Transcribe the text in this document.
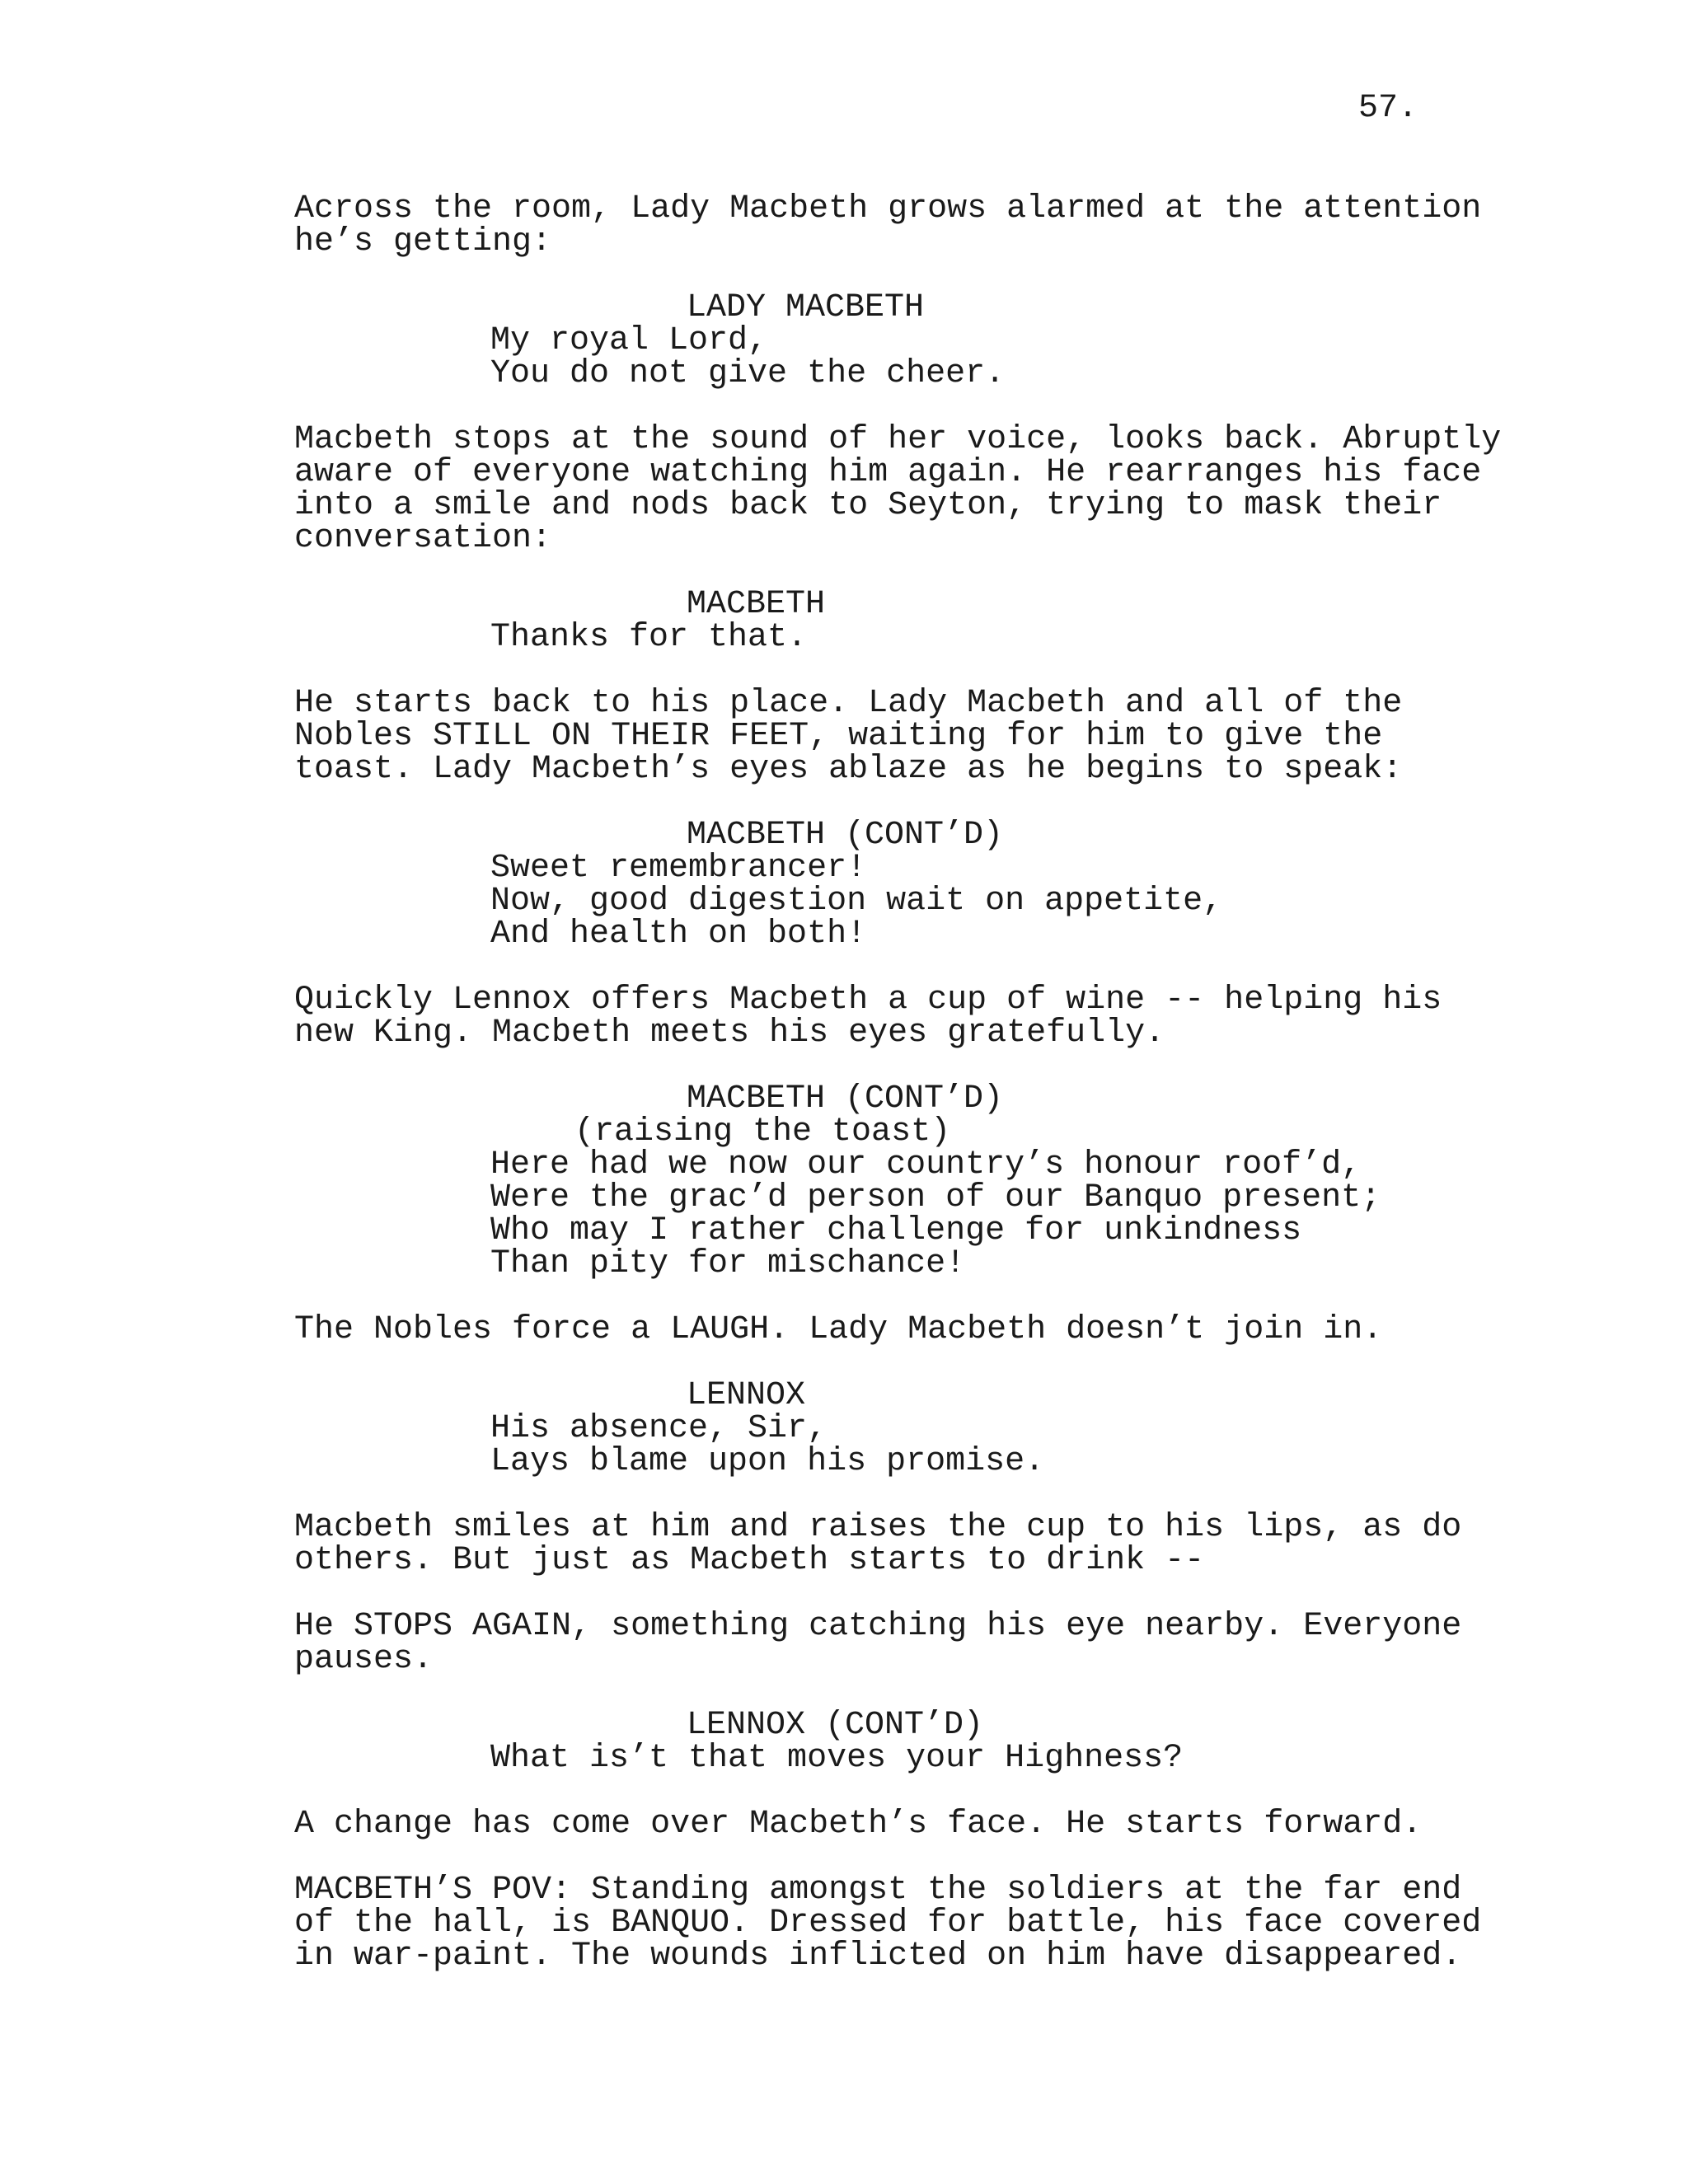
57.
Across the room, Lady Macbeth grows alarmed at the attention
he’s getting:
LADY MACBETH
My royal Lord,
You do not give the cheer.
Macbeth stops at the sound of her voice, looks back. Abruptly
aware of everyone watching him again. He rearranges his face
into a smile and nods back to Seyton, trying to mask their
conversation:
MACBETH
Thanks for that.
He starts back to his place. Lady Macbeth and all of the
Nobles STILL ON THEIR FEET, waiting for him to give the
toast. Lady Macbeth’s eyes ablaze as he begins to speak:
MACBETH (CONT’D)
Sweet remembrancer!
Now, good digestion wait on appetite,
And health on both!
Quickly Lennox offers Macbeth a cup of wine -- helping his
new King. Macbeth meets his eyes gratefully.
MACBETH (CONT’D)
(raising the toast)
Here had we now our country’s honour roof’d,
Were the grac’d person of our Banquo present;
Who may I rather challenge for unkindness
Than pity for mischance!
The Nobles force a LAUGH. Lady Macbeth doesn’t join in.
LENNOX
His absence, Sir,
Lays blame upon his promise.
Macbeth smiles at him and raises the cup to his lips, as do
others. But just as Macbeth starts to drink --
He STOPS AGAIN, something catching his eye nearby. Everyone
pauses.
LENNOX (CONT’D)
What is’t that moves your Highness?
A change has come over Macbeth’s face. He starts forward.
MACBETH’S POV: Standing amongst the soldiers at the far end
of the hall, is BANQUO. Dressed for battle, his face covered
in war-paint. The wounds inflicted on him have disappeared.
